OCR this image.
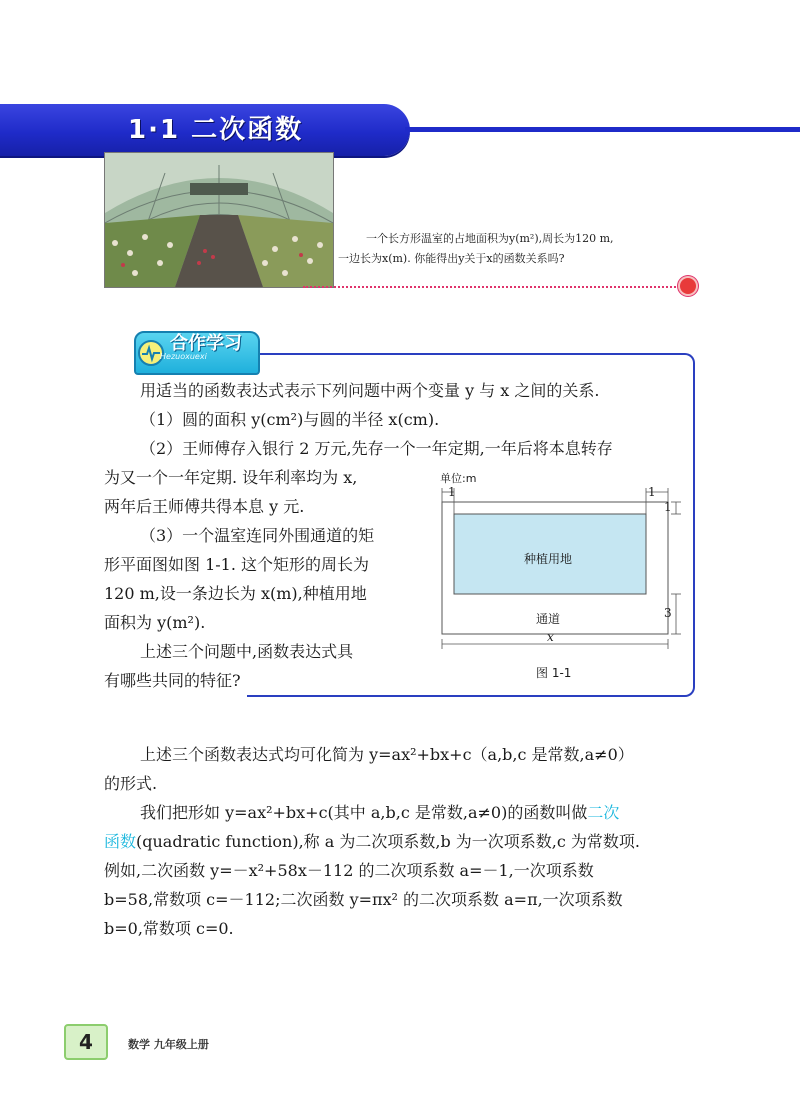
1·1 二次函数
一个长方形温室的占地面积为y(m²),周长为120 m,
一边长为x(m). 你能得出y关于x的函数关系吗?
合作学习
Hezuoxuexi
用适当的函数表达式表示下列问题中两个变量 y 与 x 之间的关系.
（1）圆的面积 y(cm²)与圆的半径 x(cm).
（2）王师傅存入银行 2 万元,先存一个一年定期,一年后将本息转存
为又一个一年定期. 设年利率均为 x,
两年后王师傅共得本息 y 元.
（3）一个温室连同外围通道的矩
形平面图如图 1-1. 这个矩形的周长为
120 m,设一条边长为 x(m),种植用地
面积为 y(m²).
上述三个问题中,函数表达式具
有哪些共同的特征?
单位:m
1	1
1
3
种植用地
通道
x
图 1-1
上述三个函数表达式均可化简为 y=ax²+bx+c（a,b,c 是常数,a≠0）
的形式.
我们把形如 y=ax²+bx+c(其中 a,b,c 是常数,a≠0)的函数叫做二次
函数(quadratic function),称 a 为二次项系数,b 为一次项系数,c 为常数项.
例如,二次函数 y=－x²+58x－112 的二次项系数 a=－1,一次项系数
b=58,常数项 c=－112;二次函数 y=πx² 的二次项系数 a=π,一次项系数
b=0,常数项 c=0.
4	数学 九年级上册
